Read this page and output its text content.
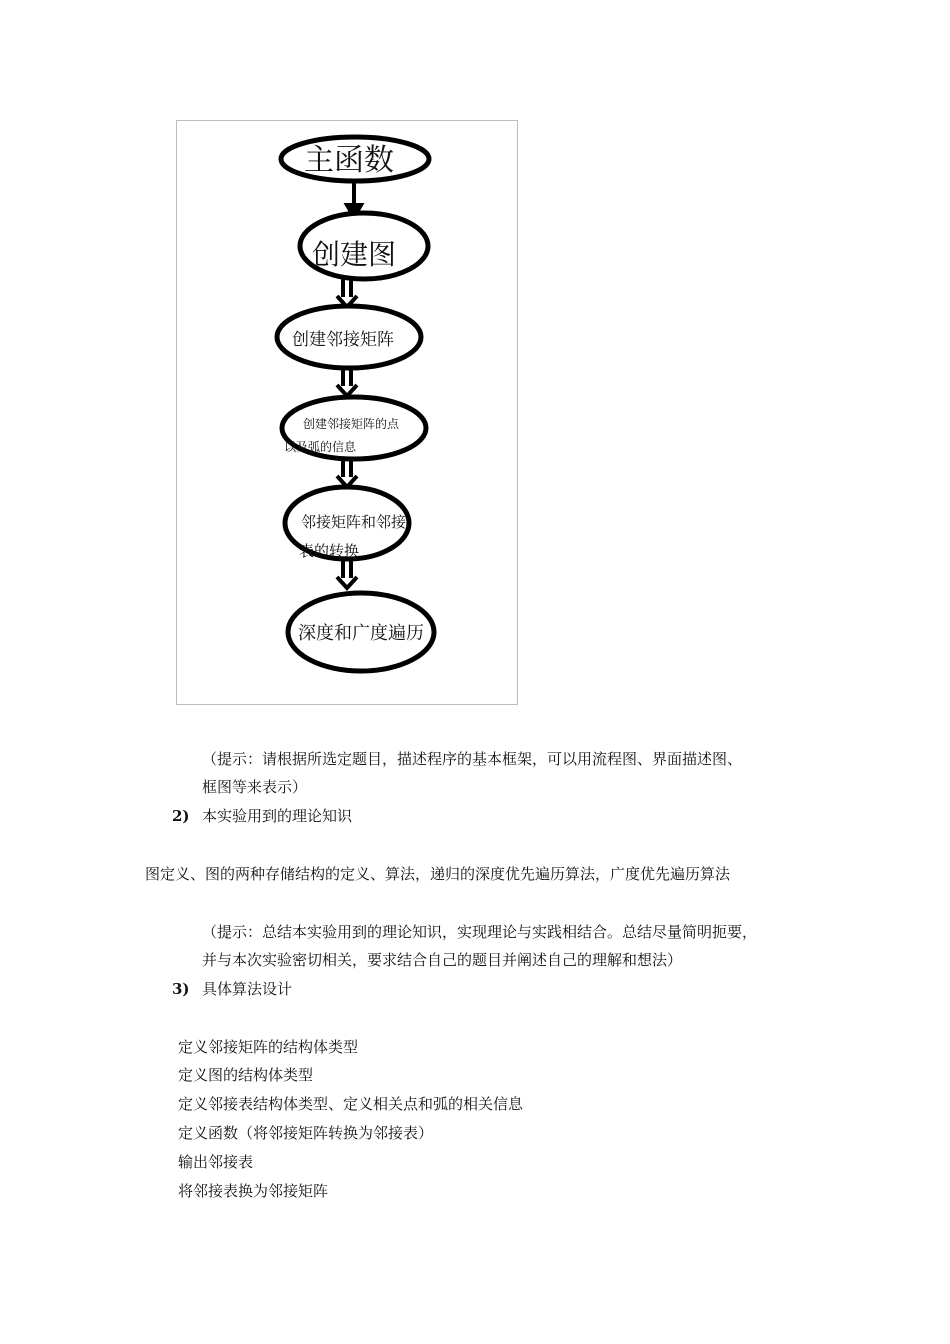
主函数
创建图
创建邻接矩阵
创建邻接矩阵的点
以及弧的信息
邻接矩阵和邻接
表的转换
深度和广度遍历
（提示：请根据所选定题目，描述程序的基本框架，可以用流程图、界面描述图、
框图等来表示）
2) 本实验用到的理论知识
图定义、图的两种存储结构的定义、算法，递归的深度优先遍历算法，广度优先遍历算法
（提示：总结本实验用到的理论知识，实现理论与实践相结合。总结尽量简明扼要，
并与本次实验密切相关，要求结合自己的题目并阐述自己的理解和想法）
3) 具体算法设计
定义邻接矩阵的结构体类型
定义图的结构体类型
定义邻接表结构体类型、定义相关点和弧的相关信息
定义函数（将邻接矩阵转换为邻接表）
输出邻接表
将邻接表换为邻接矩阵
